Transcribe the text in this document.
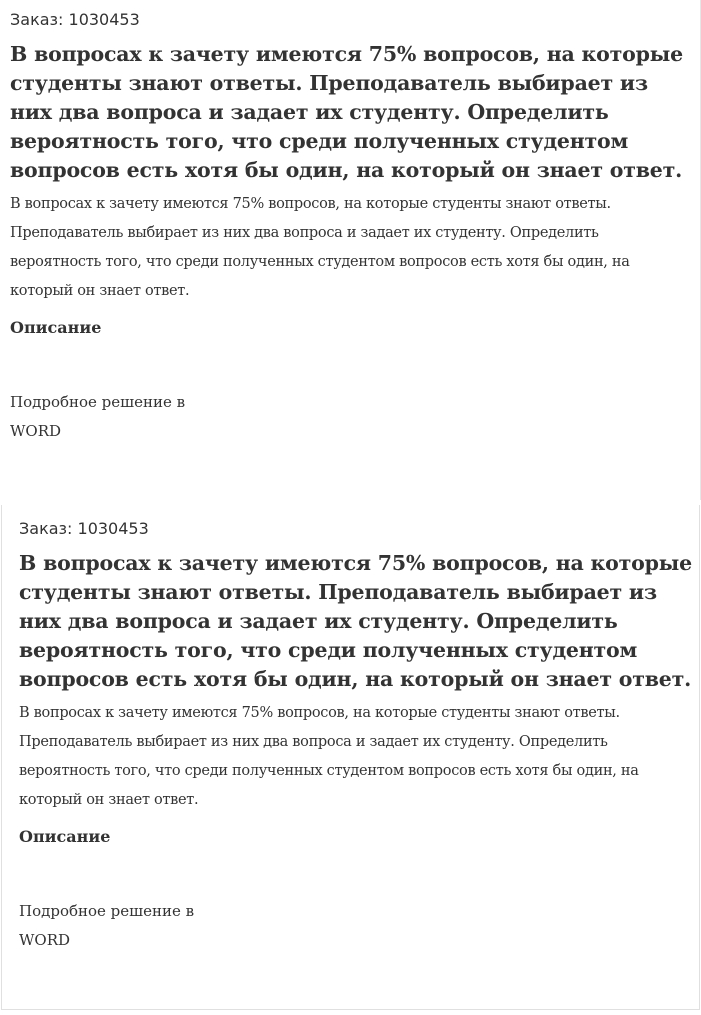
Заказ: 1030453
В вопросах к зачету имеются 75% вопросов, на которые студенты знают ответы. Преподаватель выбирает из них два вопроса и задает их студенту. Определить вероятность того, что среди полученных студентом вопросов есть хотя бы один, на который он знает ответ.
В вопросах к зачету имеются 75% вопросов, на которые студенты знают ответы. Преподаватель выбирает из них два вопроса и задает их студенту. Определить вероятность того, что среди полученных студентом вопросов есть хотя бы один, на который он знает ответ.
Описание
Подробное решение в WORD
Заказ: 1030453
В вопросах к зачету имеются 75% вопросов, на которые студенты знают ответы. Преподаватель выбирает из них два вопроса и задает их студенту. Определить вероятность того, что среди полученных студентом вопросов есть хотя бы один, на который он знает ответ.
В вопросах к зачету имеются 75% вопросов, на которые студенты знают ответы. Преподаватель выбирает из них два вопроса и задает их студенту. Определить вероятность того, что среди полученных студентом вопросов есть хотя бы один, на который он знает ответ.
Описание
Подробное решение в WORD
